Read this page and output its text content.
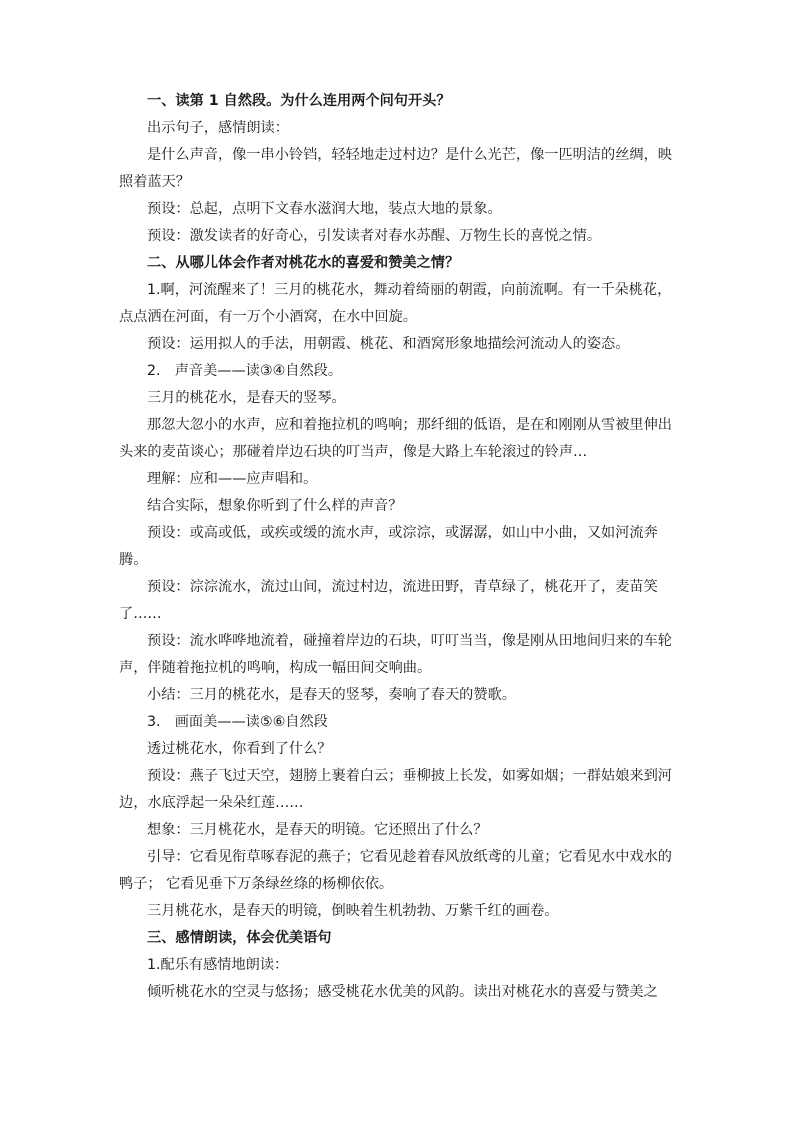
一、读第 1 自然段。为什么连用两个问句开头？

出示句子，感情朗读：

是什么声音，像一串小铃铛，轻轻地走过村边？是什么光芒，像一匹明洁的丝绸，映照着蓝天？

预设：总起，点明下文春水滋润大地，装点大地的景象。

预设：激发读者的好奇心，引发读者对春水苏醒、万物生长的喜悦之情。

二、从哪儿体会作者对桃花水的喜爱和赞美之情？

1.啊，河流醒来了！三月的桃花水，舞动着绮丽的朝霞，向前流啊。有一千朵桃花，点点洒在河面，有一万个小酒窝，在水中回旋。

预设：运用拟人的手法，用朝霞、桃花、和酒窝形象地描绘河流动人的姿态。

2.　声音美——读③④自然段。

三月的桃花水，是春天的竖琴。

那忽大忽小的水声，应和着拖拉机的鸣响；那纤细的低语，是在和刚刚从雪被里伸出头来的麦苗谈心；那碰着岸边石块的叮当声，像是大路上车轮滚过的铃声…

理解：应和——应声唱和。

结合实际，想象你听到了什么样的声音？

预设：或高或低，或疾或缓的流水声，或淙淙，或潺潺，如山中小曲，又如河流奔腾。

预设：淙淙流水，流过山间，流过村边，流进田野，青草绿了，桃花开了，麦苗笑了……

预设：流水哗哗地流着，碰撞着岸边的石块，叮叮当当，像是刚从田地间归来的车轮声，伴随着拖拉机的鸣响，构成一幅田间交响曲。

小结：三月的桃花水，是春天的竖琴，奏响了春天的赞歌。

3.　画面美——读⑤⑥自然段

透过桃花水，你看到了什么？

预设：燕子飞过天空，翅膀上裹着白云；垂柳披上长发，如雾如烟；一群姑娘来到河边，水底浮起一朵朵红莲……

想象：三月桃花水，是春天的明镜。它还照出了什么？

引导：它看见衔草啄春泥的燕子；它看见趁着春风放纸鸢的儿童；它看见水中戏水的鸭子； 它看见垂下万条绿丝绦的杨柳依依。

三月桃花水，是春天的明镜，倒映着生机勃勃、万紫千红的画卷。

三、感情朗读，体会优美语句

1.配乐有感情地朗读：

倾听桃花水的空灵与悠扬；感受桃花水优美的风韵。读出对桃花水的喜爱与赞美之
